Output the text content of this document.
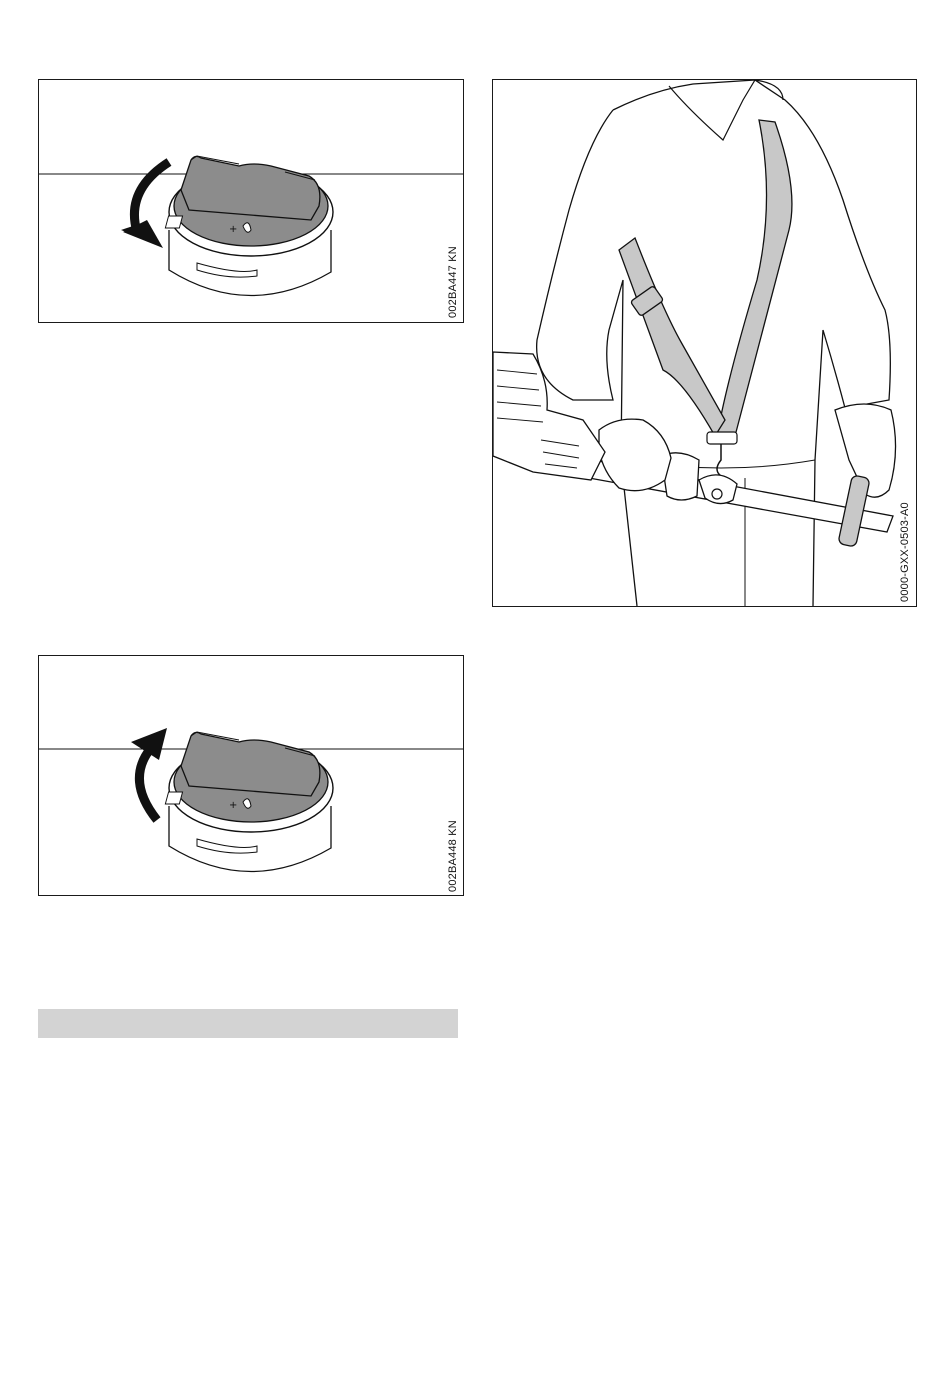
+
002BA447 KN
+
002BA448 KN
0000-GXX-0503-A0
